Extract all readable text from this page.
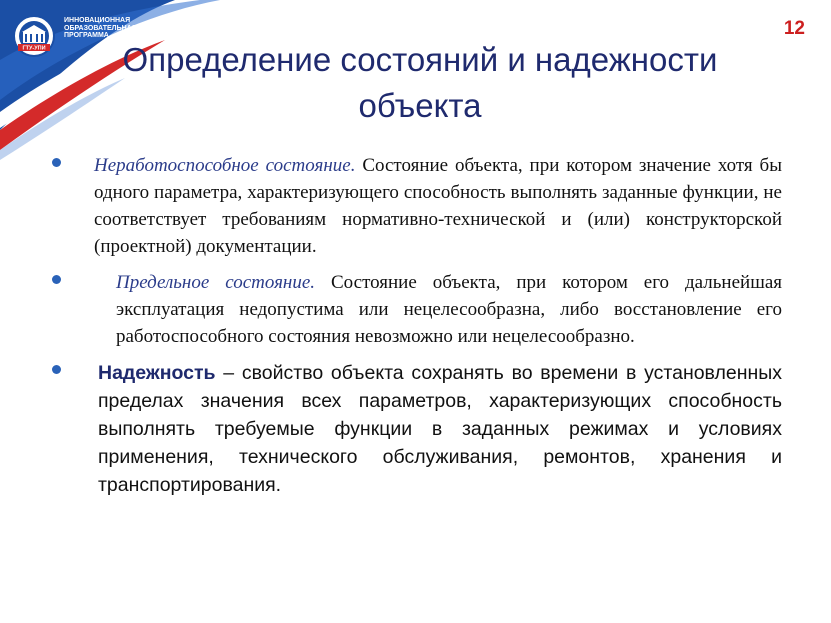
ГТУ-УПИ
ИННОВАЦИОННАЯ ОБРАЗОВАТЕЛЬНАЯ ПРОГРАММА	12
Определение состояний и надежности объекта
Неработоспособное состояние. Состояние объекта, при котором значение хотя бы одного параметра, характеризующего способность выполнять заданные функции, не соответствует требованиям нормативно-технической и (или) конструкторской (проектной) документации.
Предельное состояние. Состояние объекта, при котором его дальнейшая эксплуатация недопустима или нецелесообразна, либо восстановление его работоспособного состояния невозможно или нецелесообразно.
Надежность – свойство объекта сохранять во времени в установленных пределах значения всех параметров, характеризующих способность выполнять требуемые функции в заданных режимах и условиях применения, технического обслуживания, ремонтов, хранения и транспортирования.
